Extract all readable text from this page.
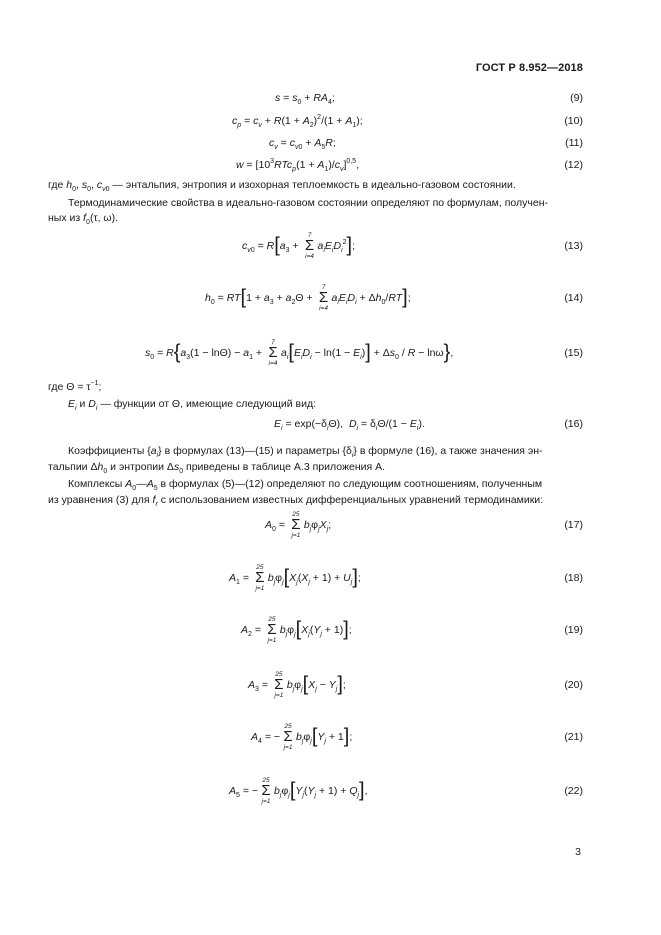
ГОСТ Р 8.952—2018
$s = s_0 + RA_4$;	(9)
$c_p = c_v + R(1 + A_2)^2/(1 + A_1)$;	(10)
$c_v = c_{v0} + A_5R$;	(11)
$w = [10^3RTc_p(1 + A_1)/c_v]^{0,5}$,	(12)
где $h_0$, $s_0$, $c_{v0}$ — энтальпия, энтропия и изохорная теплоемкость в идеально-газовом состоянии.
Термодинамические свойства в идеально-газовом состоянии определяют по формулам, получен-
ных из $f_0(\tau$, ω).
$c_{v0} = R[a_3$ +
7
Σ
i=4
$a_iE_iD_i^2$];	(13)
$h_0 = RT[1 + a_3 + a_2\Theta$ +
7
Σ
i=4
$a_iE_iD_i + \Delta h_0/RT$];	(14)
$s_0 = R\{a_3(1 - \ln\Theta) - a_1$ +
7
Σ
i=4
$a_i[E_iD_i - \ln(1 - E_i)] + \Delta s_0 / R - \ln\omega$},	(15)
где $\Theta = \tau^{-1}$;
$E_i$ и $D_i$ — функции от Θ, имеющие следующий вид:
$E_i = \exp(-\delta_i\Theta)$,  $D_i = \delta_i\Theta/(1 - E_i)$.	(16)
Коэффициенты $\{a_i\}$ в формулах (13)—(15) и параметры $\{\delta_i\}$ в формуле (16), а также значения эн-
тальпии $\Delta h_0$ и энтропии $\Delta s_0$ приведены в таблице А.3 приложения А.
Комплексы $A_0—A_5$ в формулах (5)—(12) определяют по следующим соотношениям, полученным
из уравнения (3) для $f_r$ с использованием известных дифференциальных уравнений термодинамики:
$A_0$ =
25
Σ
j=1
$b_j\varphi_jX_j$;	(17)
$A_1$ =
25
Σ
j=1
$b_j\varphi_j[X_j(X_j + 1) + U_j]$;	(18)
$A_2$ =
25
Σ
j=1
$b_j\varphi_j[X_j(Y_j + 1)]$;	(19)
$A_3$ =
25
Σ
j=1
$b_j\varphi_j[X_j - Y_j]$;	(20)
$A_4$ = −
25
Σ
j=1
$b_j\varphi_j[Y_j + 1]$;	(21)
$A_5$ = −
25
Σ
j=1
$b_j\varphi_j[Y_j(Y_j + 1) + Q_j]$,	(22)
3
